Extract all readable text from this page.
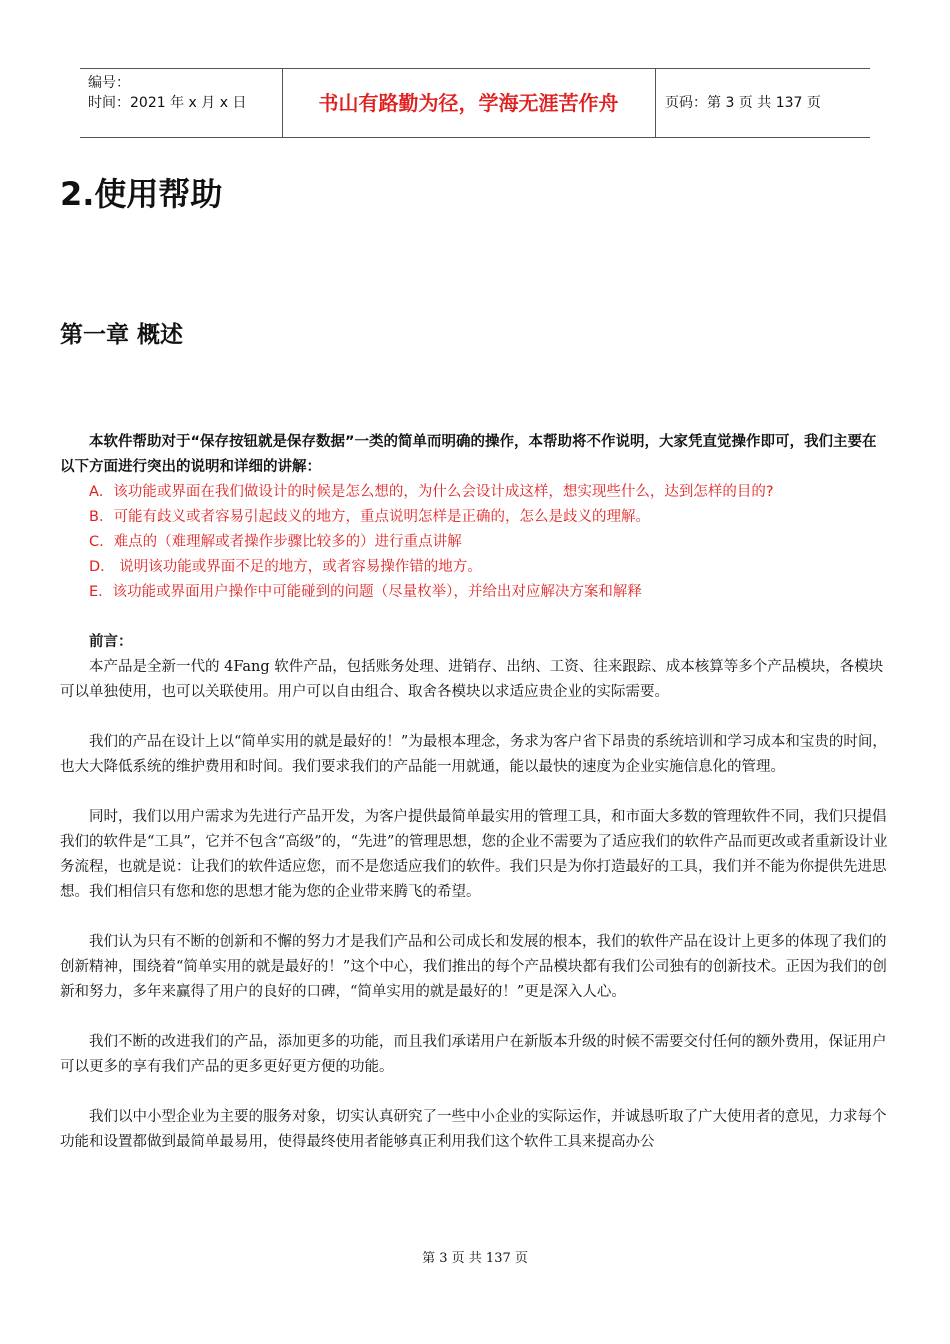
编号：
时间：2021 年 x 月 x 日	书山有路勤为径，学海无涯苦作舟	页码：第 3 页 共 137 页
2.使用帮助
第一章 概述

本软件帮助对于“保存按钮就是保存数据”一类的简单而明确的操作，本帮助将不作说明，大家凭直觉操作即可，我们主要在以下方面进行突出的说明和详细的讲解：

A．该功能或界面在我们做设计的时候是怎么想的，为什么会设计成这样，想实现些什么，达到怎样的目的?

B．可能有歧义或者容易引起歧义的地方，重点说明怎样是正确的，怎么是歧义的理解。

C．难点的（难理解或者操作步骤比较多的）进行重点讲解

D． 说明该功能或界面不足的地方，或者容易操作错的地方。

E．该功能或界面用户操作中可能碰到的问题（尽量枚举），并给出对应解决方案和解释

前言：

本产品是全新一代的 4Fang 软件产品，包括账务处理、进销存、出纳、工资、往来跟踪、成本核算等多个产品模块，各模块可以单独使用，也可以关联使用。用户可以自由组合、取舍各模块以求适应贵企业的实际需要。

我们的产品在设计上以“简单实用的就是最好的！”为最根本理念，务求为客户省下昂贵的系统培训和学习成本和宝贵的时间，也大大降低系统的维护费用和时间。我们要求我们的产品能一用就通，能以最快的速度为企业实施信息化的管理。

同时，我们以用户需求为先进行产品开发，为客户提供最简单最实用的管理工具，和市面大多数的管理软件不同，我们只提倡我们的软件是“工具”，它并不包含“高级”的，“先进”的管理思想，您的企业不需要为了适应我们的软件产品而更改或者重新设计业务流程，也就是说：让我们的软件适应您，而不是您适应我们的软件。我们只是为你打造最好的工具，我们并不能为你提供先进思想。我们相信只有您和您的思想才能为您的企业带来腾飞的希望。

我们认为只有不断的创新和不懈的努力才是我们产品和公司成长和发展的根本，我们的软件产品在设计上更多的体现了我们的创新精神，围绕着“简单实用的就是最好的！”这个中心，我们推出的每个产品模块都有我们公司独有的创新技术。正因为我们的创新和努力，多年来赢得了用户的良好的口碑，“简单实用的就是最好的！”更是深入人心。

我们不断的改进我们的产品，添加更多的功能，而且我们承诺用户在新版本升级的时候不需要交付任何的额外费用，保证用户可以更多的享有我们产品的更多更好更方便的功能。

我们以中小型企业为主要的服务对象，切实认真研究了一些中小企业的实际运作，并诚恳听取了广大使用者的意见，力求每个功能和设置都做到最简单最易用，使得最终使用者能够真正利用我们这个软件工具来提高办公

第 3 页 共 137 页
